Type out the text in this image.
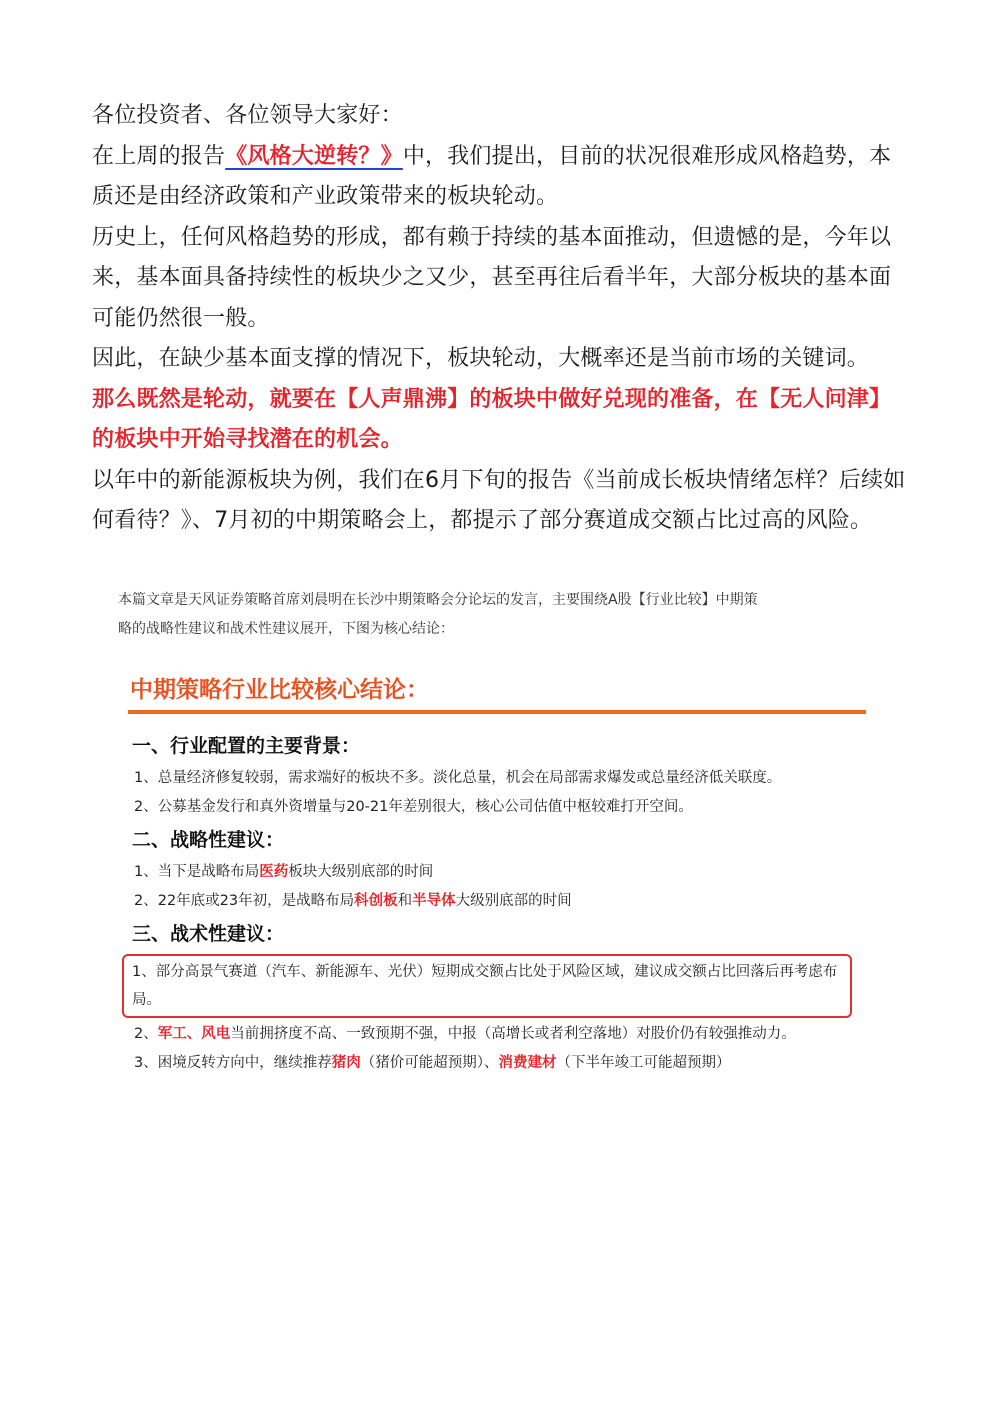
各位投资者、各位领导大家好：

在上周的报告《风格大逆转？》中，我们提出，目前的状况很难形成风格趋势，本质还是由经济政策和产业政策带来的板块轮动。

历史上，任何风格趋势的形成，都有赖于持续的基本面推动，但遗憾的是，今年以来，基本面具备持续性的板块少之又少，甚至再往后看半年，大部分板块的基本面可能仍然很一般。

因此，在缺少基本面支撑的情况下，板块轮动，大概率还是当前市场的关键词。

那么既然是轮动，就要在【人声鼎沸】的板块中做好兑现的准备，在【无人问津】的板块中开始寻找潜在的机会。

以年中的新能源板块为例，我们在6月下旬的报告《当前成长板块情绪怎样？后续如何看待？》、7月初的中期策略会上，都提示了部分赛道成交额占比过高的风险。

本篇文章是天风证券策略首席刘晨明在长沙中期策略会分论坛的发言，主要围绕A股【行业比较】中期策

略的战略性建议和战术性建议展开，下图为核心结论：

中期策略行业比较核心结论：

一、行业配置的主要背景：

1、总量经济修复较弱，需求端好的板块不多。淡化总量，机会在局部需求爆发或总量经济低关联度。

2、公募基金发行和真外资增量与20-21年差别很大，核心公司估值中枢较难打开空间。

二、战略性建议：

1、当下是战略布局医药板块大级别底部的时间

2、22年底或23年初，是战略布局科创板和半导体大级别底部的时间

三、战术性建议：

1、部分高景气赛道（汽车、新能源车、光伏）短期成交额占比处于风险区域，建议成交额占比回落后再考虑布局。

2、军工、风电当前拥挤度不高、一致预期不强，中报（高增长或者利空落地）对股价仍有较强推动力。

3、困境反转方向中，继续推荐猪肉（猪价可能超预期）、消费建材（下半年竣工可能超预期）
